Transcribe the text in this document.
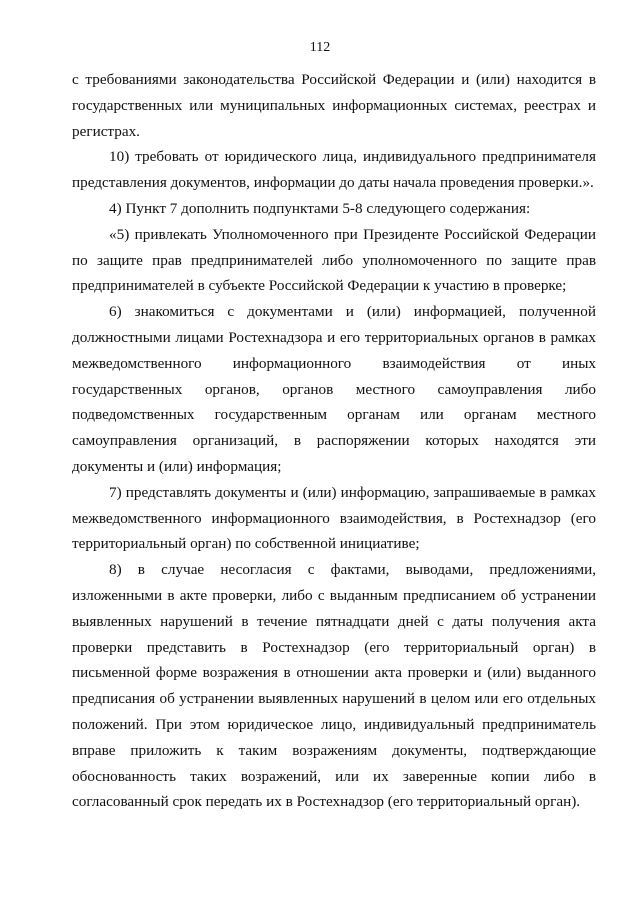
112

с требованиями законодательства Российской Федерации и (или) находится в государственных или муниципальных информационных системах, реестрах и регистрах.

10) требовать от юридического лица, индивидуального предпринимателя представления документов, информации до даты начала проведения проверки.».

4) Пункт 7 дополнить подпунктами 5-8 следующего содержания:

«5) привлекать Уполномоченного при Президенте Российской Федерации по защите прав предпринимателей либо уполномоченного по защите прав предпринимателей в субъекте Российской Федерации к участию в проверке;

6) знакомиться с документами и (или) информацией, полученной должностными лицами Ростехнадзора и его территориальных органов в рамках межведомственного информационного взаимодействия от иных государственных органов, органов местного самоуправления либо подведомственных государственным органам или органам местного самоуправления организаций, в распоряжении которых находятся эти документы и (или) информация;

7) представлять документы и (или) информацию, запрашиваемые в рамках межведомственного информационного взаимодействия, в Ростехнадзор (его территориальный орган) по собственной инициативе;

8) в случае несогласия с фактами, выводами, предложениями, изложенными в акте проверки, либо с выданным предписанием об устранении выявленных нарушений в течение пятнадцати дней с даты получения акта проверки представить в Ростехнадзор (его территориальный орган) в письменной форме возражения в отношении акта проверки и (или) выданного предписания об устранении выявленных нарушений в целом или его отдельных положений. При этом юридическое лицо, индивидуальный предприниматель вправе приложить к таким возражениям документы, подтверждающие обоснованность таких возражений, или их заверенные копии либо в согласованный срок передать их в Ростехнадзор (его территориальный орган).
